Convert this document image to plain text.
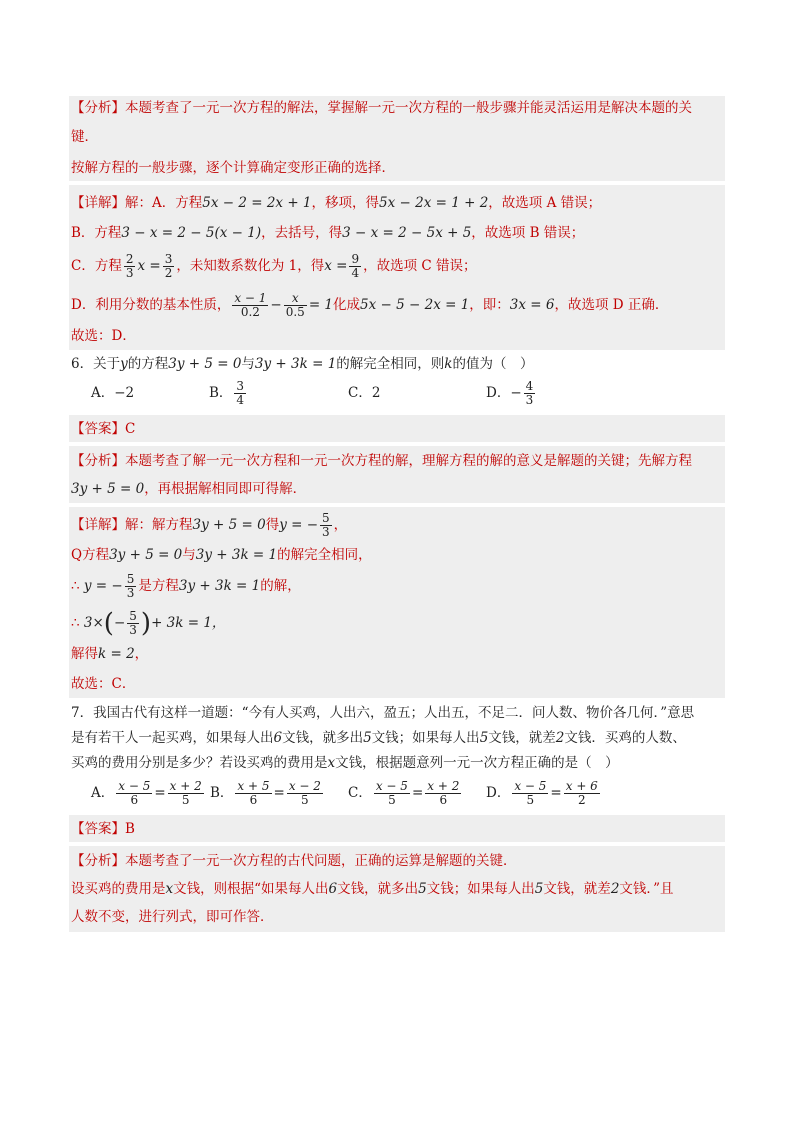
【分析】本题考查了一元一次方程的解法，掌握解一元一次方程的一般步骤并能灵活运用是解决本题的关
键．
按解方程的一般步骤，逐个计算确定变形正确的选择．
【详解】解：A．方程5x − 2 = 2x + 1，移项，得5x − 2x = 1 + 2，故选项 A 错误；
B．方程3 − x = 2 − 5(x − 1)，去括号，得3 − x = 2 − 5x + 5，故选项 B 错误；
C．方程 $\frac{2}{3}$ $x = \frac{3}{2}$ ，未知数系数化为 1，得$x = \frac{9}{4}$ ，故选项 C 错误；
D．利用分数的基本性质， $\frac{x - 1}{0.2} - \frac{x}{0.5} = 1$化成5x − 5 − 2x = 1，即：3x = 6，故选项 D 正确．
故选：D．
6．关于y的方程3y + 5 = 0与3y + 3k = 1的解完全相同，则k的值为（　）
A．−2	B． $\frac{3}{4}$	C．2	D．− $\frac{4}{3}$
【答案】C
【分析】本题考查了解一元一次方程和一元一次方程的解，理解方程的解的意义是解题的关键；先解方程
3y + 5 = 0，再根据解相同即可得解．
【详解】解：解方程3y + 5 = 0得y = − $\frac{5}{3}$ ，
Q方程3y + 5 = 0与3y + 3k = 1的解完全相同，
∴ y = − $\frac{5}{3}$ 是方程3y + 3k = 1的解，
∴ $3\times(- \frac{5}{3}$ )+ 3k = 1，
解得k = 2，
故选：C．
7．我国古代有这样一道题：“今有人买鸡，人出六，盈五；人出五，不足二．问人数、物价各几何．”意思
是有若干人一起买鸡，如果每人出6文钱，就多出5文钱；如果每人出5文钱，就差2文钱．买鸡的人数、
买鸡的费用分别是多少？若设买鸡的费用是x文钱，根据题意列一元一次方程正确的是（　）
A． $\frac{x - 5}{6} = \frac{x + 2}{5}$ B． $\frac{x + 5}{6} = \frac{x - 2}{5}$ C． $\frac{x - 5}{5} = \frac{x + 2}{6}$ D． $\frac{x - 5}{5} = \frac{x + 6}{2}$
【答案】B
【分析】本题考查了一元一次方程的古代问题，正确的运算是解题的关键．
设买鸡的费用是x文钱，则根据“如果每人出6文钱，就多出5文钱；如果每人出5文钱，就差2文钱．”且
人数不变，进行列式，即可作答．
